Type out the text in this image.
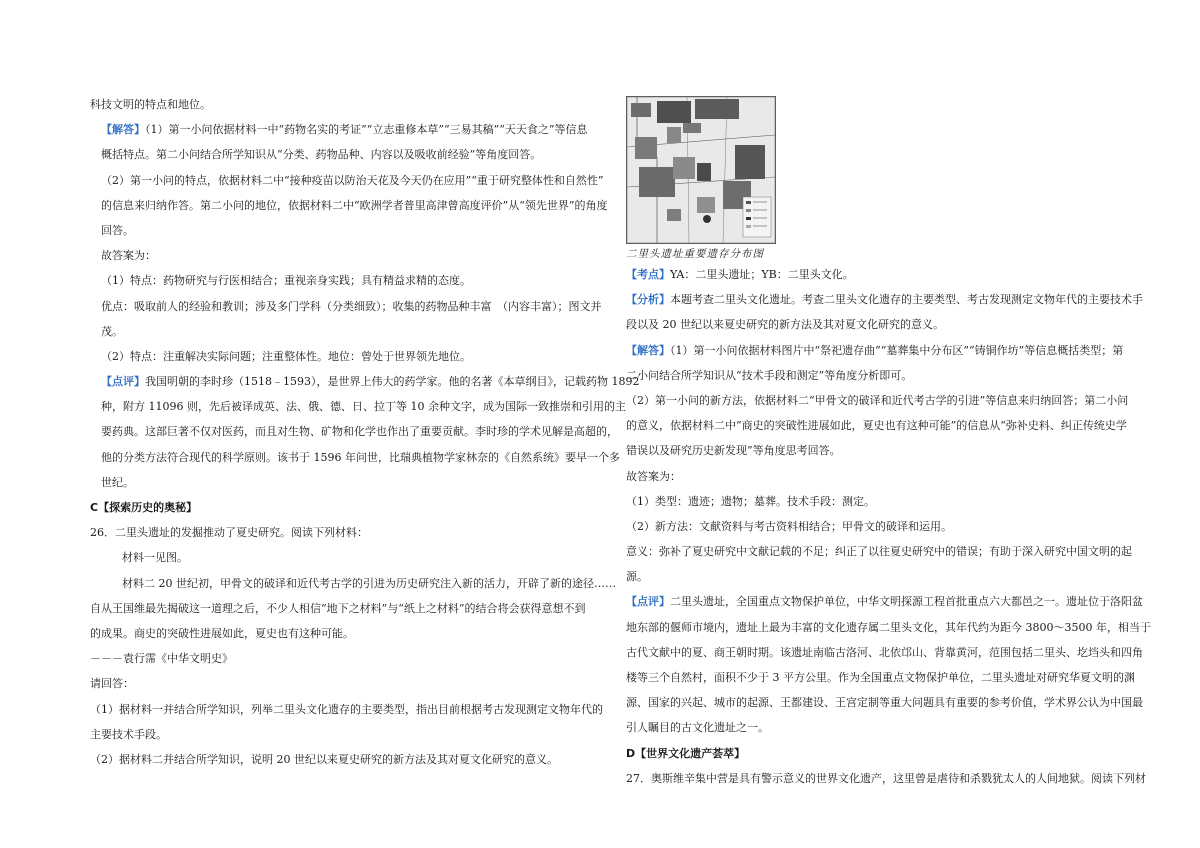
科技文明的特点和地位。
【解答】（1）第一小问依据材料一中“药物名实的考证”“立志重修本草”“三易其稿”“天天食之”等信息
概括特点。第二小问结合所学知识从“分类、药物品种、内容以及吸收前经验”等角度回答。
（2）第一小问的特点，依据材料二中“接种疫苗以防治天花及今天仍在应用”“重于研究整体性和自然性”
的信息来归纳作答。第二小问的地位，依据材料二中“欧洲学者普里高津曾高度评价”从“领先世界”的角度
回答。
故答案为：
（1）特点：药物研究与行医相结合；重视亲身实践；具有精益求精的态度。
优点：吸取前人的经验和教训；涉及多门学科（分类细致）；收集的药物品种丰富　（内容丰富）；图文并
茂。
（2）特点：注重解决实际问题；注重整体性。地位：曾处于世界领先地位。
【点评】我国明朝的李时珍（1518﹣1593），是世界上伟大的药学家。他的名著《本草纲目》，记载药物 1892
种，附方 11096 则，先后被译成英、法、俄、德、日、拉丁等 10 余种文字，成为国际一致推崇和引用的主
要药典。这部巨著不仅对医药，而且对生物、矿物和化学也作出了重要贡献。李时珍的学术见解是高超的，
他的分类方法符合现代的科学原则。该书于 1596 年问世，比瑞典植物学家林奈的《自然系统》要早一个多
世纪。
C【探索历史的奥秘】
26．二里头遗址的发掘推动了夏史研究。阅读下列材料：
材料一见图。
材料二 20 世纪初，甲骨文的破译和近代考古学的引进为历史研究注入新的活力，开辟了新的途径……
自从王国维最先揭破这一道理之后，不少人相信“地下之材料”与“纸上之材料”的结合将会获得意想不到
的成果。商史的突破性进展如此，夏史也有这种可能。
－－－袁行霈《中华文明史》
请回答：
（1）据材料一并结合所学知识，列举二里头文化遗存的主要类型，指出目前根据考古发现测定文物年代的
主要技术手段。
（2）据材料二并结合所学知识，说明 20 世纪以来夏史研究的新方法及其对夏文化研究的意义。
二里头遗址重要遗存分布图
【考点】YA：二里头遗址；YB：二里头文化。
【分析】本题考查二里头文化遗址。考查二里头文化遗存的主要类型、考古发现测定文物年代的主要技术手
段以及 20 世纪以来夏史研究的新方法及其对夏文化研究的意义。
【解答】（1）第一小问依据材料图片中“祭祀遗存曲”“墓葬集中分布区”“铸铜作坊”等信息概括类型；第
二小问结合所学知识从“技术手段和测定”等角度分析即可。
（2）第一小问的新方法，依据材料二“甲骨文的破译和近代考古学的引进”等信息来归纳回答；第二小问
的意义，依据材料二中“商史的突破性进展如此，夏史也有这种可能”的信息从“弥补史料、纠正传统史学
错误以及研究历史新发现”等角度思考回答。
故答案为：
（1）类型：遗迹；遗物；墓葬。技术手段：测定。
（2）新方法：文献资料与考古资料相结合；甲骨文的破译和运用。
意义：弥补了夏史研究中文献记载的不足；纠正了以往夏史研究中的错误；有助于深入研究中国文明的起
源。
【点评】二里头遗址，全国重点文物保护单位，中华文明探源工程首批重点六大都邑之一。遗址位于洛阳盆
地东部的偃师市境内，遗址上最为丰富的文化遗存属二里头文化，其年代约为距今 3800～3500 年，相当于
古代文献中的夏、商王朝时期。该遗址南临古洛河、北依邙山、背靠黄河，范围包括二里头、圪垱头和四角
楼等三个自然村，面积不少于 3 平方公里。作为全国重点文物保护单位，二里头遗址对研究华夏文明的渊
源、国家的兴起、城市的起源、王都建设、王宫定制等重大问题具有重要的参考价值，学术界公认为中国最
引人瞩目的古文化遗址之一。
D【世界文化遗产荟萃】
27．奥斯维辛集中营是具有警示意义的世界文化遗产，这里曾是虐待和杀戮犹太人的人间地狱。阅读下列材
